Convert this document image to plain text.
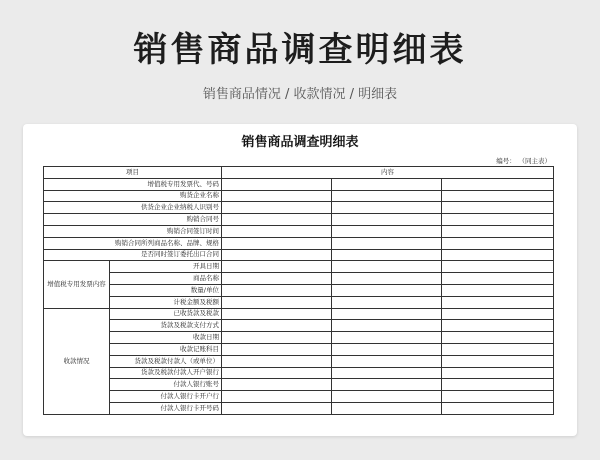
销售商品调查明细表
销售商品情况 / 收款情况 / 明细表
销售商品调查明细表
编号： （同主表）
项目		内容		
增值税专用发票代、号码				
购货企业名称				
供货企业企业纳税人识别号				
购销合同号				
购销合同签订时间				
购销合同所列商品名称、品牌、规格				
是否同时签订委托出口合同				
增值税专用发票内容	开具日期			
	商品名称			
	数量/单位			
	计税金额及税额			
收款情况	已收货款及税款			
	货款及税款支付方式			
	收款日期			
	收款记账科目			
	货款及税款付款人（或单位）			
	货款及税款付款人开户银行			
	付款人银行账号			
	付款人银行卡开户行			
	付款人银行卡开号码			
